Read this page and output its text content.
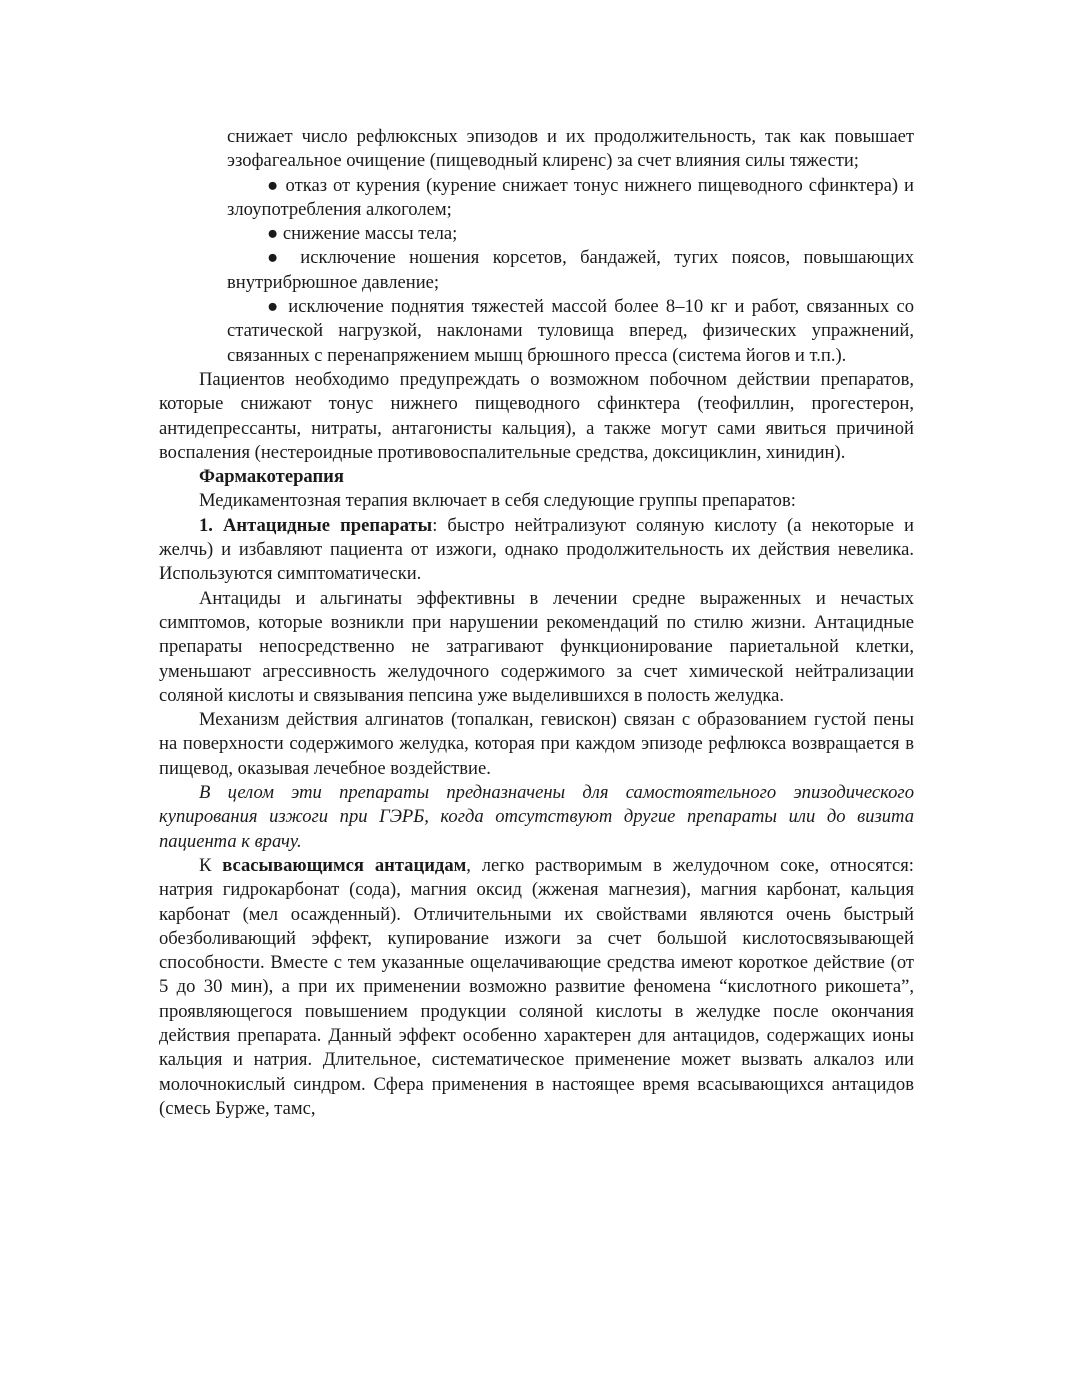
снижает число рефлюксных эпизодов и их продолжительность, так как повышает эзофагеальное очищение (пищеводный клиренс) за счет влияния силы тяжести;

● отказ от курения (курение снижает тонус нижнего пищеводного сфинктера) и злоупотребления алкоголем;

● снижение массы тела;

● исключение ношения корсетов, бандажей, тугих поясов, повышающих внутрибрюшное давление;

● исключение поднятия тяжестей массой более 8–10 кг и работ, связанных со статической нагрузкой, наклонами туловища вперед, физических упражнений, связанных с перенапряжением мышц брюшного пресса (система йогов и т.п.).

Пациентов необходимо предупреждать о возможном побочном действии препаратов, которые снижают тонус нижнего пищеводного сфинктера (теофиллин, прогестерон, антидепрессанты, нитраты, антагонисты кальция), а также могут сами явиться причиной воспаления (нестероидные противовоспалительные средства, доксициклин, хинидин).

Фармакотерапия

Медикаментозная терапия включает в себя следующие группы препаратов:

1. Антацидные препараты: быстро нейтрализуют соляную кислоту (а некоторые и желчь) и избавляют пациента от изжоги, однако продолжительность их действия невелика. Используются симптоматически.

Антациды и альгинаты эффективны в лечении средне выраженных и нечастых симптомов, которые возникли при нарушении рекомендаций по стилю жизни. Антацидные препараты непосредственно не затрагивают функционирование париетальной клетки, уменьшают агрессивность желудочного содержимого за счет химической нейтрализации соляной кислоты и связывания пепсина уже выделившихся в полость желудка.

Механизм действия алгинатов (топалкан, гевискон) связан с образованием густой пены на поверхности содержимого желудка, которая при каждом эпизоде рефлюкса возвращается в пищевод, оказывая лечебное воздействие.

В целом эти препараты предназначены для самостоятельного эпизодического купирования изжоги при ГЭРБ, когда отсутствуют другие препараты или до визита пациента к врачу.

К всасывающимся антацидам, легко растворимым в желудочном соке, относятся: натрия гидрокарбонат (сода), магния оксид (жженая магнезия), магния карбонат, кальция карбонат (мел осажденный). Отличительными их свойствами являются очень быстрый обезболивающий эффект, купирование изжоги за счет большой кислотосвязывающей способности. Вместе с тем указанные ощелачивающие средства имеют короткое действие (от 5 до 30 мин), а при их применении возможно развитие феномена “кислотного рикошета”, проявляющегося повышением продукции соляной кислоты в желудке после окончания действия препарата. Данный эффект особенно характерен для антацидов, содержащих ионы кальция и натрия. Длительное, систематическое применение может вызвать алкалоз или молочнокислый синдром. Сфера применения в настоящее время всасывающихся антацидов (смесь Бурже, тамс,
